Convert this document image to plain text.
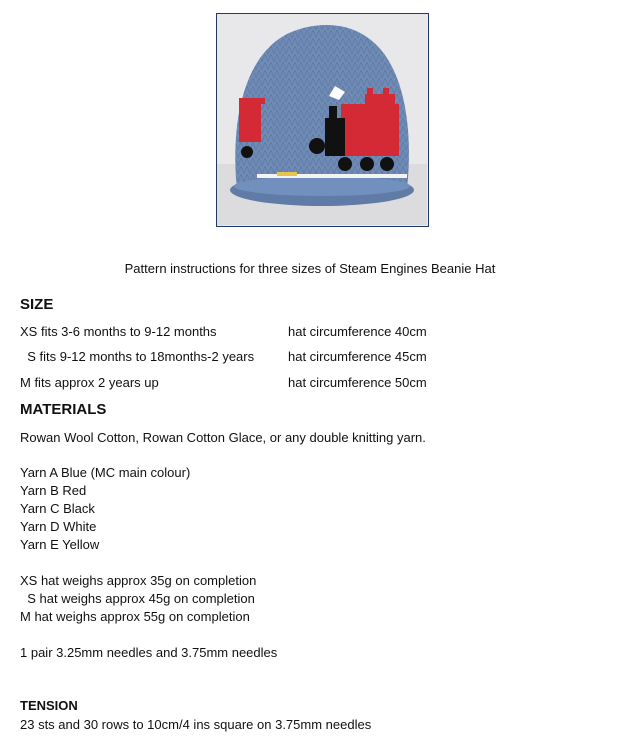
Pattern instructions for three sizes of Steam Engines Beanie Hat
SIZE
XS fits 3-6 months to 9-12 months	hat circumference 40cm
S fits 9-12 months to 18months-2 years	hat circumference 45cm
M fits approx 2 years up	hat circumference 50cm
MATERIALS
Rowan Wool Cotton, Rowan Cotton Glace, or any double knitting yarn.
Yarn A Blue (MC main colour)
Yarn B Red
Yarn C Black
Yarn D White
Yarn E Yellow
XS hat weighs approx 35g on completion
S hat weighs approx 45g on completion
M hat weighs approx 55g on completion
1 pair 3.25mm needles and 3.75mm needles
TENSION
23 sts and 30 rows to 10cm/4 ins square on 3.75mm needles
